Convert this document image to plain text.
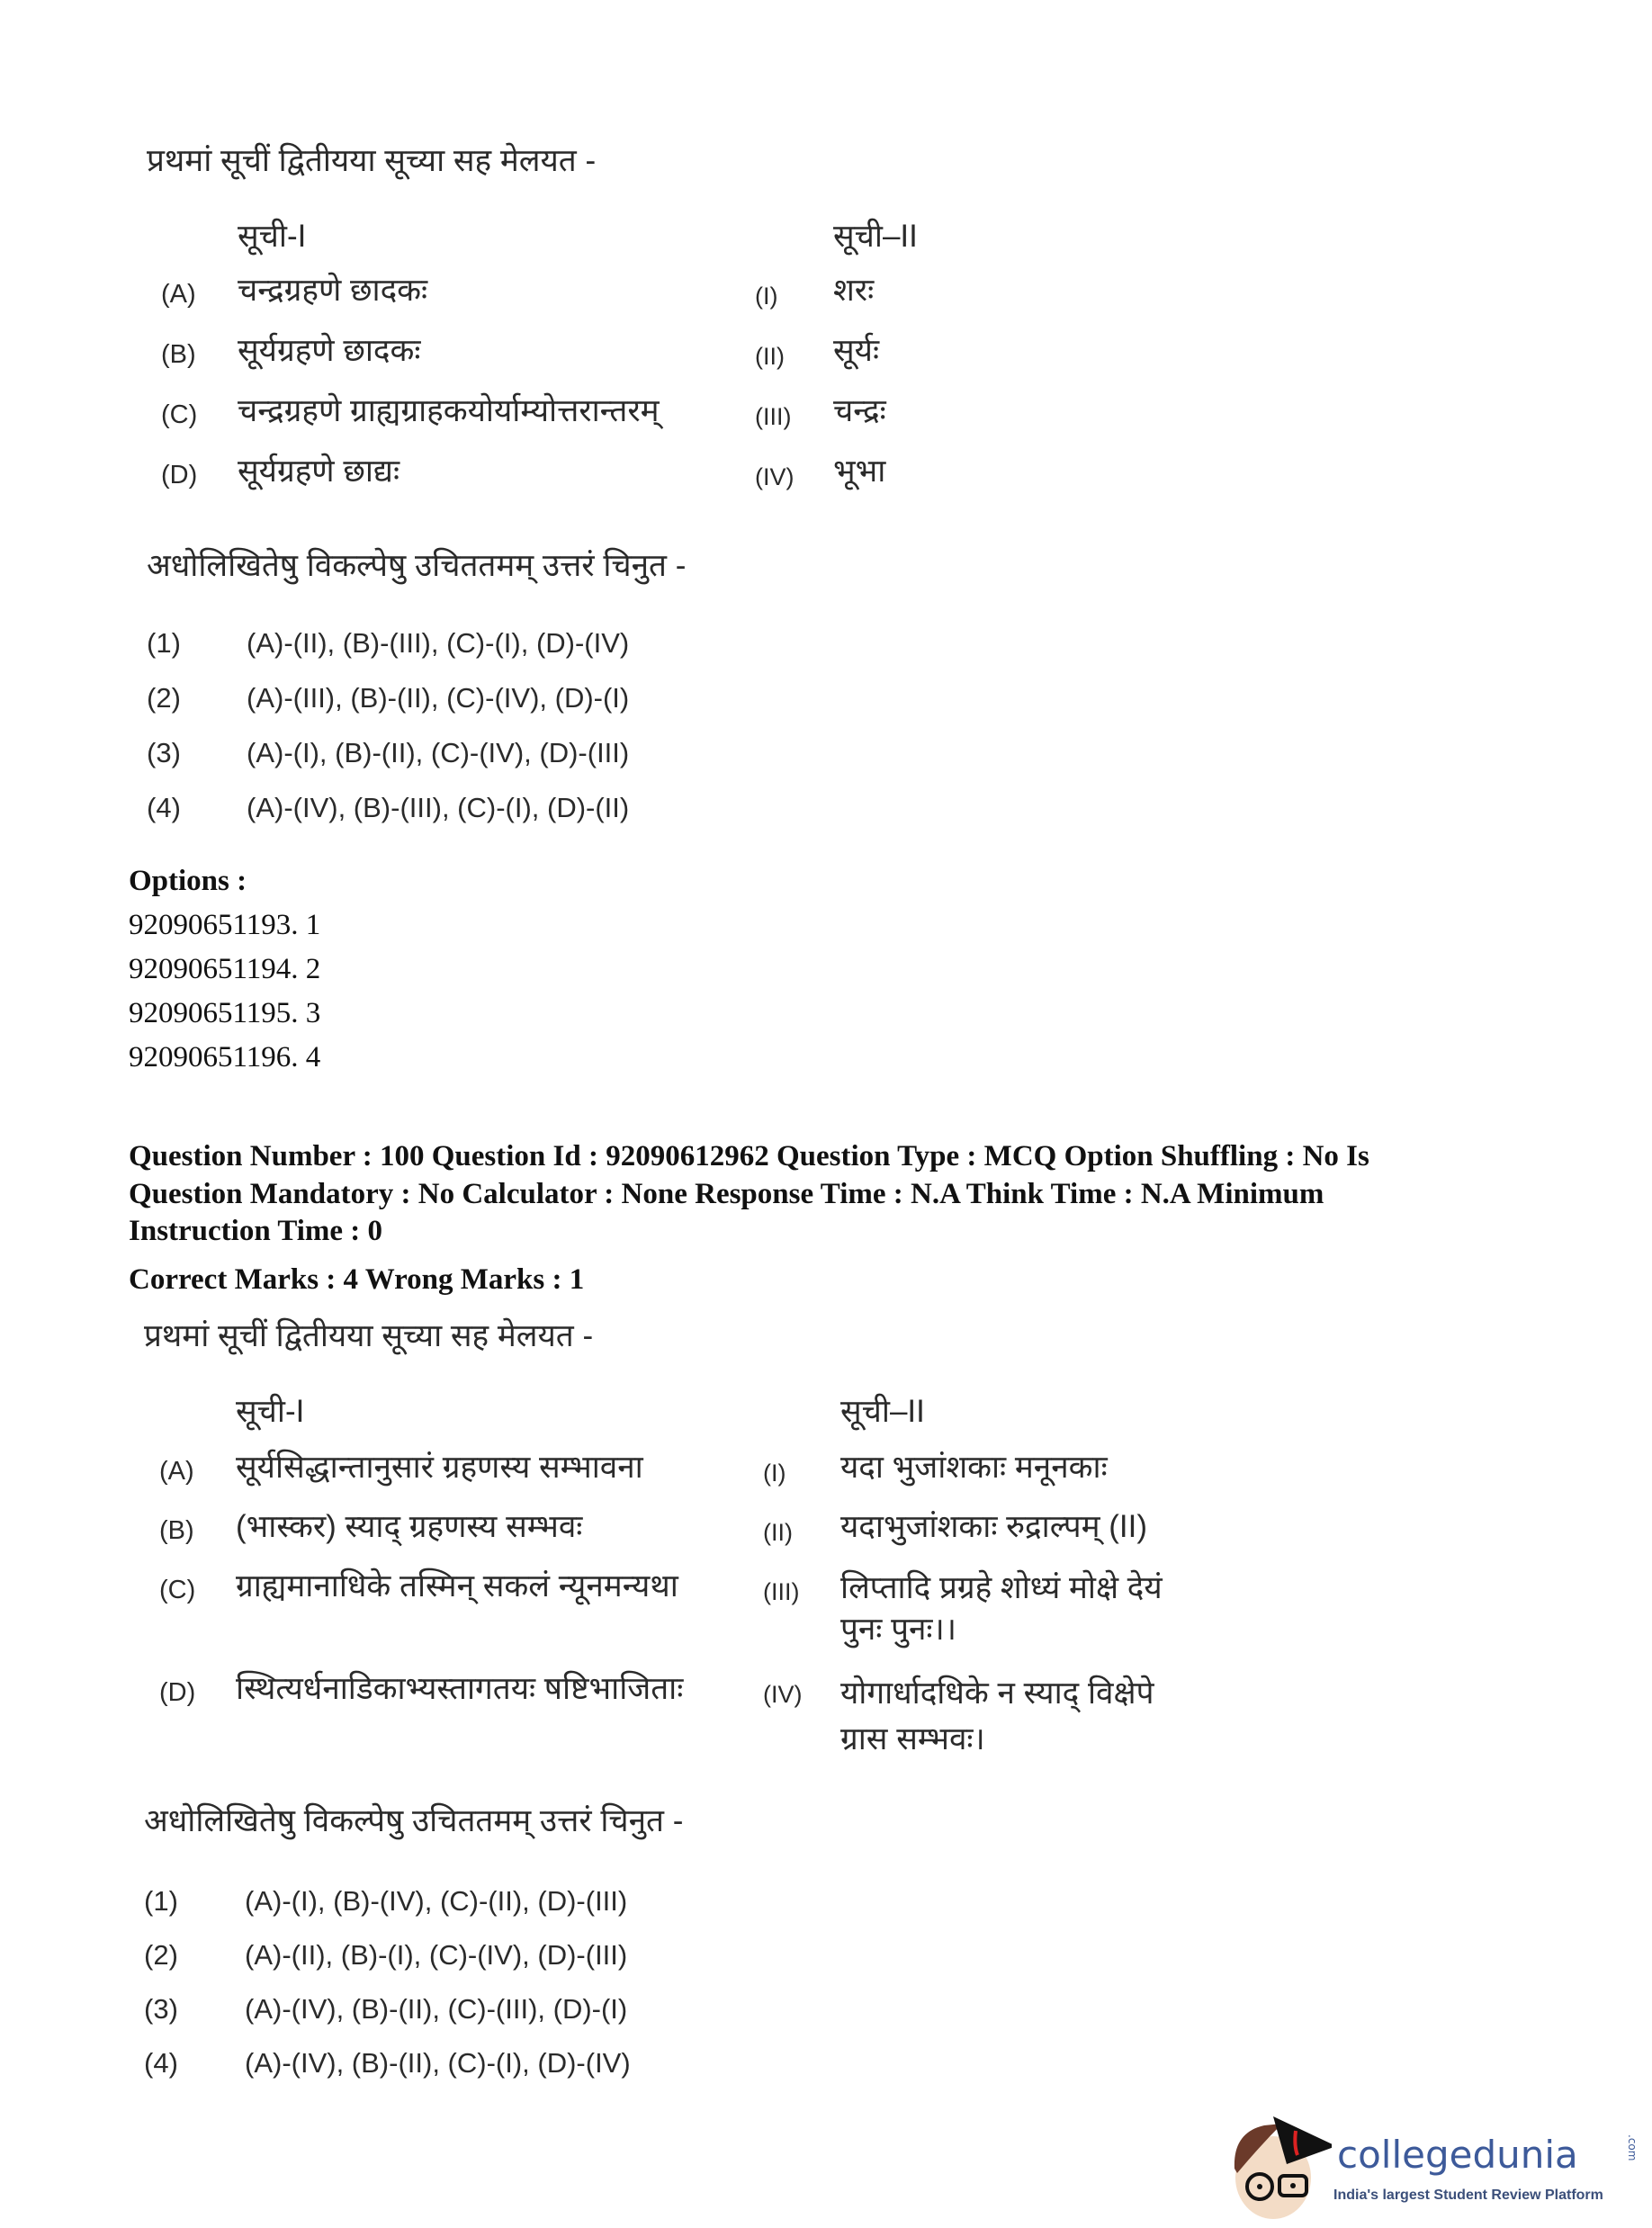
प्रथमां सूचीं द्वितीयया सूच्या सह मेलयत -
सूची-I	सूची–II
(A)	चन्द्रग्रहणे छादकः	(I)	शरः
(B)	सूर्यग्रहणे छादकः	(II)	सूर्यः
(C)	चन्द्रग्रहणे ग्राह्यग्राहकयोर्याम्योत्तरान्तरम्	(III)	चन्द्रः
(D)	सूर्यग्रहणे छाद्यः	(IV)	भूभा
अधोलिखितेषु विकल्पेषु उचिततमम् उत्तरं चिनुत -
(1)	(A)-(II), (B)-(III), (C)-(I), (D)-(IV)
(2)	(A)-(III), (B)-(II), (C)-(IV), (D)-(I)
(3)	(A)-(I), (B)-(II), (C)-(IV), (D)-(III)
(4)	(A)-(IV), (B)-(III), (C)-(I), (D)-(II)
Options :
92090651193. 1
92090651194. 2
92090651195. 3
92090651196. 4
Question Number : 100 Question Id : 92090612962 Question Type : MCQ Option Shuffling : No Is
Question Mandatory : No Calculator : None Response Time : N.A Think Time : N.A Minimum
Instruction Time : 0
Correct Marks : 4 Wrong Marks : 1
प्रथमां सूचीं द्वितीयया सूच्या सह मेलयत -
सूची-I	सूची–II
(A)	सूर्यसिद्धान्तानुसारं ग्रहणस्य सम्भावना	(I)	यदा भुजांशकाः मनूनकाः
(B)	(भास्कर) स्याद् ग्रहणस्य सम्भवः	(II)	यदाभुजांशकाः रुद्राल्पम् (II)
(C)	ग्राह्यमानाधिके तस्मिन् सकलं न्यूनमन्यथा	(III)	लिप्तादि प्रग्रहे शोध्यं मोक्षे देयं
पुनः पुनः।।
(D)	स्थित्यर्धनाडिकाभ्यस्तागतयः षष्टिभाजिताः	(IV)	योगार्धादधिके न स्याद् विक्षेपे
ग्रास सम्भवः।
अधोलिखितेषु विकल्पेषु उचिततमम् उत्तरं चिनुत -
(1)	(A)-(I), (B)-(IV), (C)-(II), (D)-(III)
(2)	(A)-(II), (B)-(I), (C)-(IV), (D)-(III)
(3)	(A)-(IV), (B)-(II), (C)-(III), (D)-(I)
(4)	(A)-(IV), (B)-(II), (C)-(I), (D)-(IV)
collegedunia	.com
India's largest Student Review Platform
